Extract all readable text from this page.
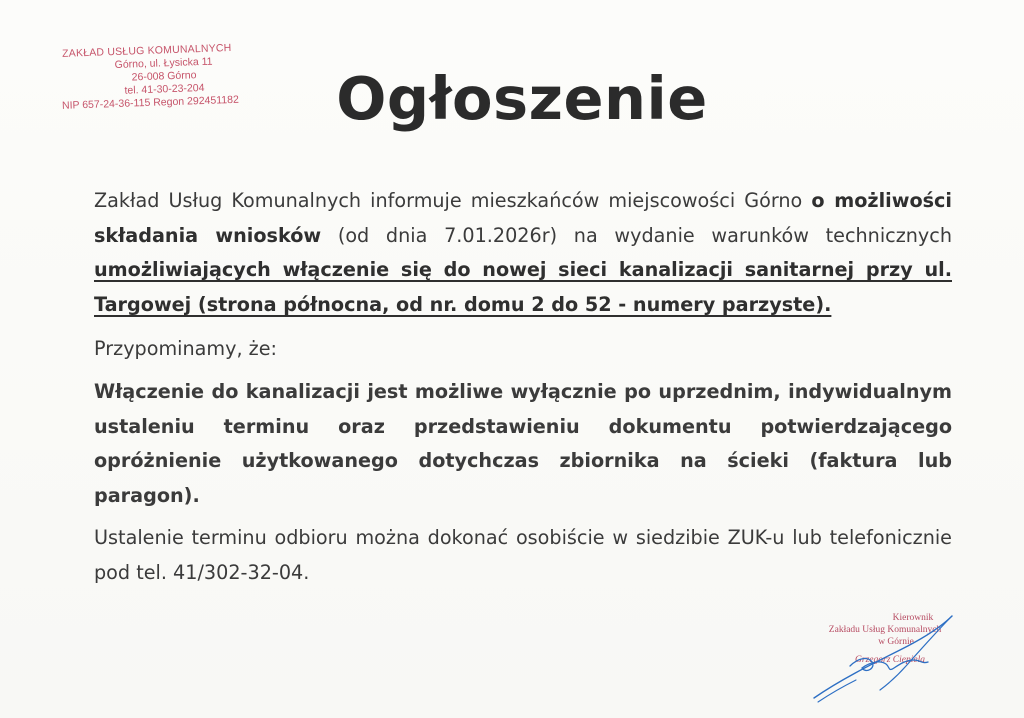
ZAKŁAD USŁUG KOMUNALNYCH
Górno, ul. Łysicka 11
26-008 Górno
tel. 41-30-23-204
NIP 657-24-36-115 Regon 292451182	Ogłoszenie

Zakład Usług Komunalnych informuje mieszkańców miejscowości Górno o możliwości składania wniosków (od dnia 7.01.2026r) na wydanie warunków technicznych umożliwiających włączenie się do nowej sieci kanalizacji sanitarnej przy ul. Targowej (strona północna, od nr. domu 2 do 52 - numery parzyste).

Przypominamy, że:

Włączenie do kanalizacji jest możliwe wyłącznie po uprzednim, indywidualnym ustaleniu terminu oraz przedstawieniu dokumentu potwierdzającego opróżnienie użytkowanego dotychczas zbiornika na ścieki (faktura lub paragon).

Ustalenie terminu odbioru można dokonać osobiście w siedzibie ZUK-u lub telefonicznie pod tel. 41/302-32-04.

Kierownik
Zakładu Usług Komunalnych
w Górnie
Grzegorz Ciepiela
